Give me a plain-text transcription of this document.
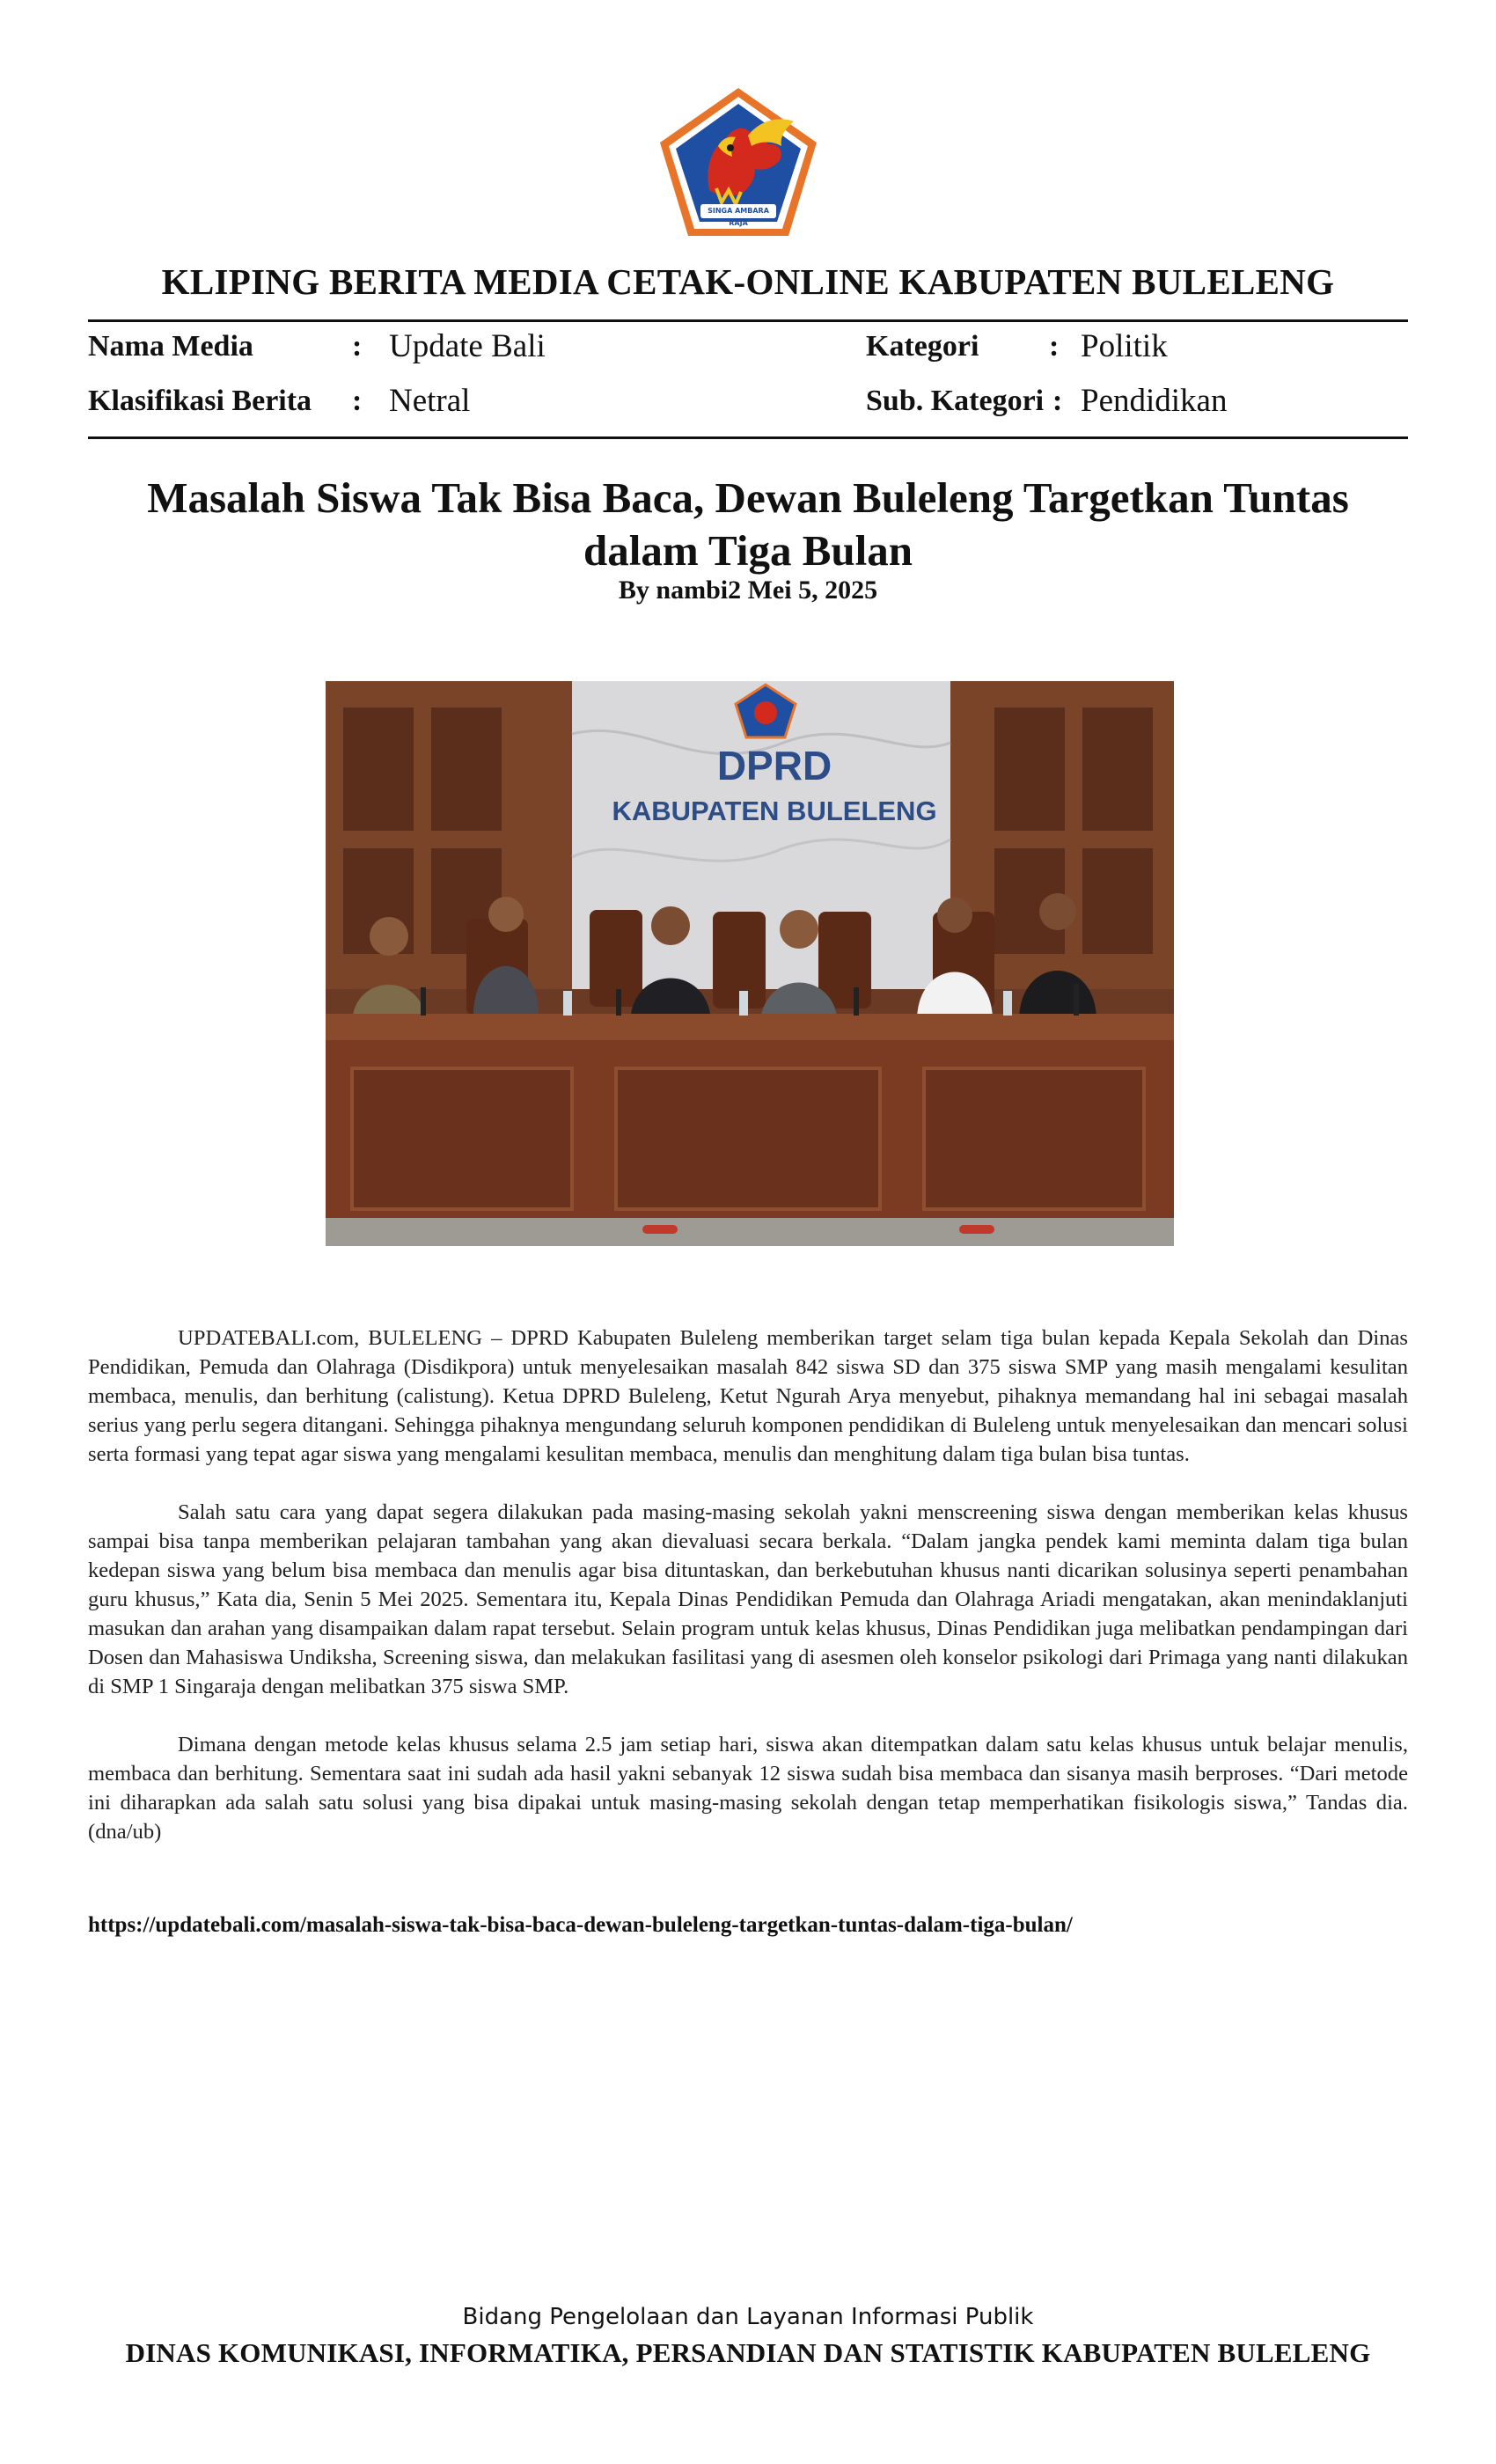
SINGA AMBARA RAJA
KLIPING BERITA MEDIA CETAK-ONLINE KABUPATEN BULELENG
Nama Media	: Update Bali
Klasifikasi Berita : Netral
Kategori : Politik
Sub. Kategori : Pendidikan
Masalah Siswa Tak Bisa Baca, Dewan Buleleng Targetkan Tuntas dalam Tiga Bulan
By nambi2 Mei 5, 2025
DPRD
KABUPATEN BULELENG

UPDATEBALI.com, BULELENG – DPRD Kabupaten Buleleng memberikan target selam tiga bulan kepada Kepala Sekolah dan Dinas Pendidikan, Pemuda dan Olahraga (Disdikpora) untuk menyelesaikan masalah 842 siswa SD dan 375 siswa SMP yang masih mengalami kesulitan membaca, menulis, dan berhitung (calistung). Ketua DPRD Buleleng, Ketut Ngurah Arya menyebut, pihaknya memandang hal ini sebagai masalah serius yang perlu segera ditangani. Sehingga pihaknya mengundang seluruh komponen pendidikan di Buleleng untuk menyelesaikan dan mencari solusi serta formasi yang tepat agar siswa yang mengalami kesulitan membaca, menulis dan menghitung dalam tiga bulan bisa tuntas.

Salah satu cara yang dapat segera dilakukan pada masing-masing sekolah yakni menscreening siswa dengan memberikan kelas khusus sampai bisa tanpa memberikan pelajaran tambahan yang akan dievaluasi secara berkala. “Dalam jangka pendek kami meminta dalam tiga bulan kedepan siswa yang belum bisa membaca dan menulis agar bisa dituntaskan, dan berkebutuhan khusus nanti dicarikan solusinya seperti penambahan guru khusus,” Kata dia, Senin 5 Mei 2025. Sementara itu, Kepala Dinas Pendidikan Pemuda dan Olahraga Ariadi mengatakan, akan menindaklanjuti masukan dan arahan yang disampaikan dalam rapat tersebut. Selain program untuk kelas khusus, Dinas Pendidikan juga melibatkan pendampingan dari Dosen dan Mahasiswa Undiksha, Screening siswa, dan melakukan fasilitasi yang di asesmen oleh konselor psikologi dari Primaga yang nanti dilakukan di SMP 1 Singaraja dengan melibatkan 375 siswa SMP.

Dimana dengan metode kelas khusus selama 2.5 jam setiap hari, siswa akan ditempatkan dalam satu kelas khusus untuk belajar menulis, membaca dan berhitung. Sementara saat ini sudah ada hasil yakni sebanyak 12 siswa sudah bisa membaca dan sisanya masih berproses. “Dari metode ini diharapkan ada salah satu solusi yang bisa dipakai untuk masing-masing sekolah dengan tetap memperhatikan fisikologis siswa,” Tandas dia.(dna/ub)

https://updatebali.com/masalah-siswa-tak-bisa-baca-dewan-buleleng-targetkan-tuntas-dalam-tiga-bulan/
Bidang Pengelolaan dan Layanan Informasi Publik
DINAS KOMUNIKASI, INFORMATIKA, PERSANDIAN DAN STATISTIK KABUPATEN BULELENG
